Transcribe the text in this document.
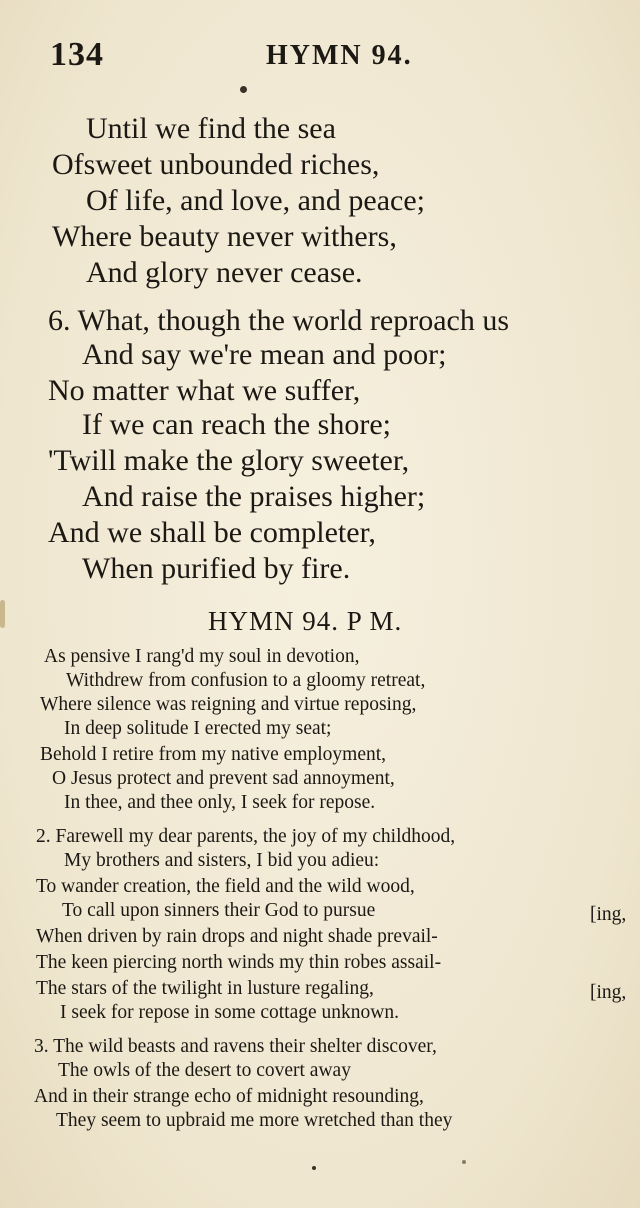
134	HYMN 94.
Until we find the sea
Ofsweet unbounded riches,
Of life, and love, and peace;
Where beauty never withers,
And glory never cease.
6. What, though the world reproach us
And say we're mean and poor;
No matter what we suffer,
If we can reach the shore;
'Twill make the glory sweeter,
And raise the praises higher;
And we shall be completer,
When purified by fire.
HYMN 94. P M.
As pensive I rang'd my soul in devotion,
Withdrew from confusion to a gloomy retreat,
Where silence was reigning and virtue reposing,
In deep solitude I erected my seat;
Behold I retire from my native employment,
O Jesus protect and prevent sad annoyment,
In thee, and thee only, I seek for repose.
2. Farewell my dear parents, the joy of my childhood,
My brothers and sisters, I bid you adieu:
To wander creation, the field and the wild wood,
To call upon sinners their God to pursue	[ing,
When driven by rain drops and night shade prevail-
The keen piercing north winds my thin robes assail-
The stars of the twilight in lusture regaling,	[ing,
I seek for repose in some cottage unknown.
3. The wild beasts and ravens their shelter discover,
The owls of the desert to covert away
And in their strange echo of midnight resounding,
They seem to upbraid me more wretched than they
